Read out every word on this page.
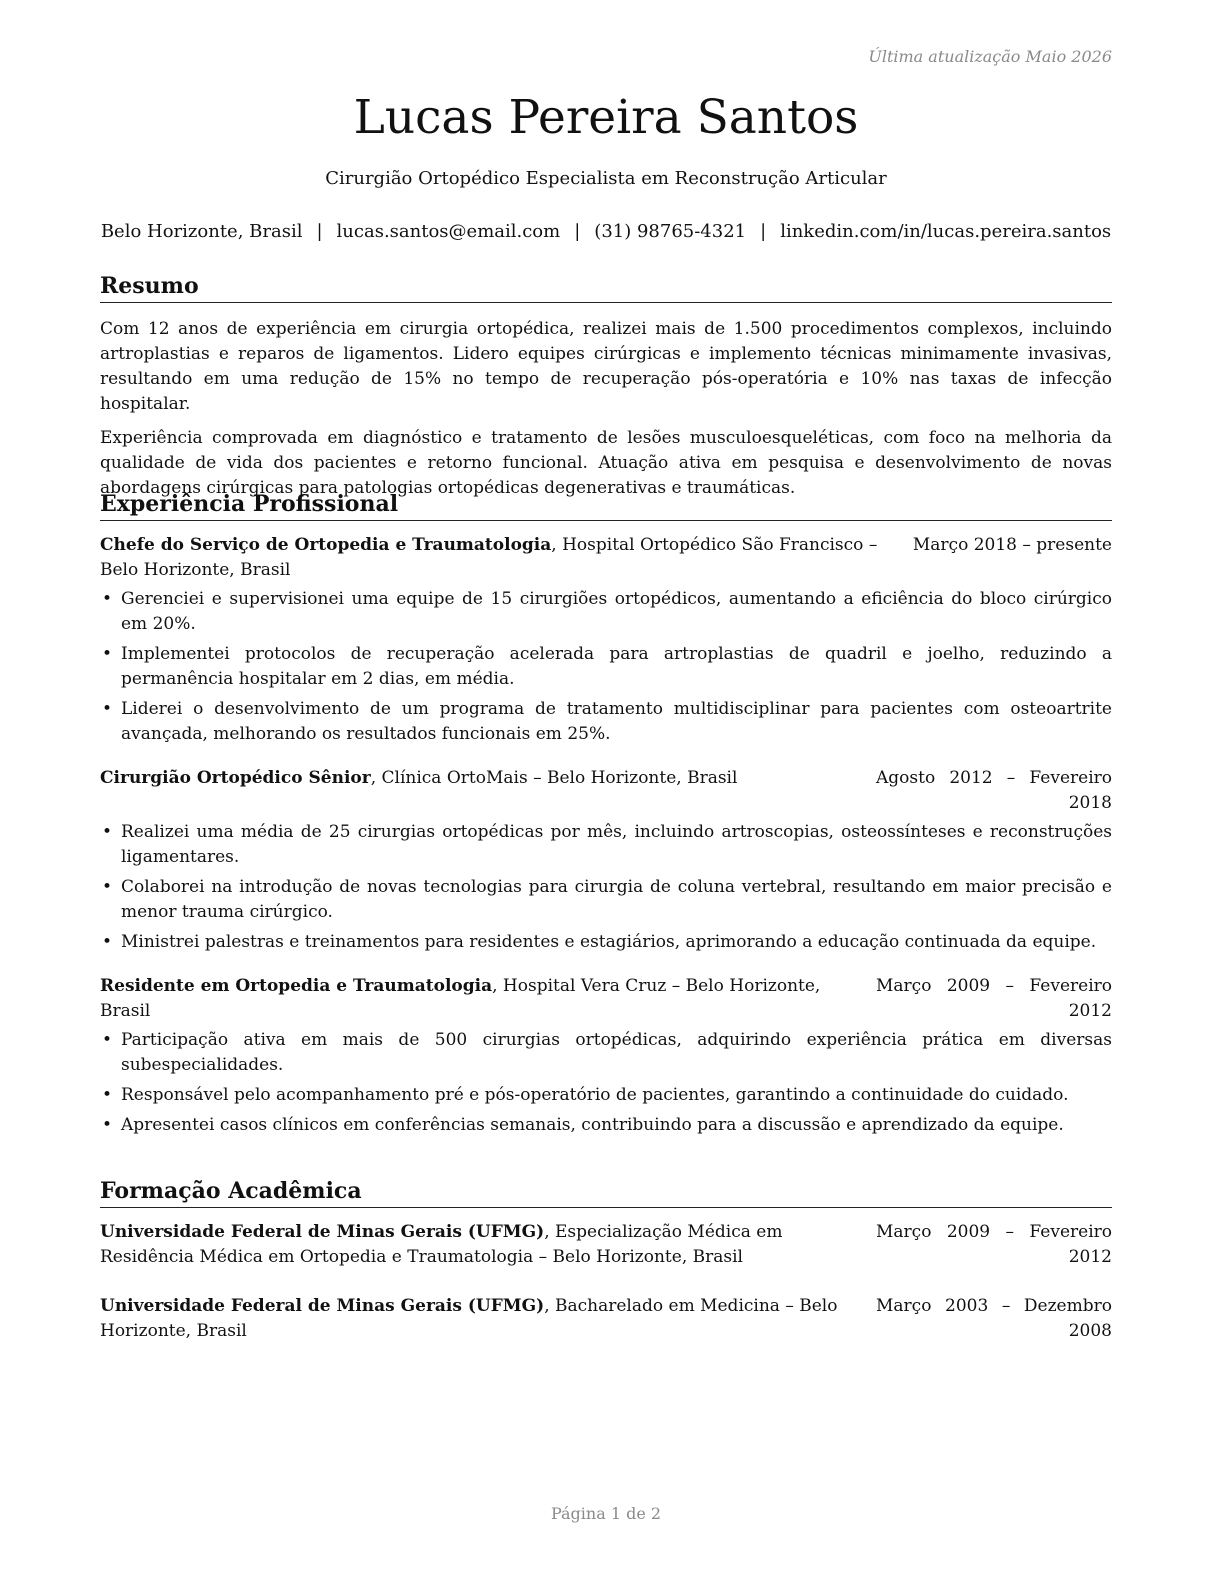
Última atualização Maio 2026
Lucas Pereira Santos
Cirurgião Ortopédico Especialista em Reconstrução Articular
Belo Horizonte, Brasil | lucas.santos@email.com | (31) 98765-4321 | linkedin.com/in/lucas.pereira.santos
Resumo

Com 12 anos de experiência em cirurgia ortopédica, realizei mais de 1.500 procedimentos complexos, incluindo artroplastias e reparos de ligamentos. Lidero equipes cirúrgicas e implemento técnicas minimamente invasivas, resultando em uma redução de 15% no tempo de recuperação pós-operatória e 10% nas taxas de infecção hospitalar.

Experiência comprovada em diagnóstico e tratamento de lesões musculoesqueléticas, com foco na melhoria da qualidade de vida dos pacientes e retorno funcional. Atuação ativa em pesquisa e desenvolvimento de novas abordagens cirúrgicas para patologias ortopédicas degenerativas e traumáticas.

Experiência Profissional
Chefe do Serviço de Ortopedia e Traumatologia, Hospital Ortopédico São Francisco – Belo Horizonte, Brasil
Março 2018 – presente
• Gerenciei e supervisionei uma equipe de 15 cirurgiões ortopédicos, aumentando a eficiência do bloco cirúrgico em 20%.
• Implementei protocolos de recuperação acelerada para artroplastias de quadril e joelho, reduzindo a permanência hospitalar em 2 dias, em média.
• Liderei o desenvolvimento de um programa de tratamento multidisciplinar para pacientes com osteoartrite avançada, melhorando os resultados funcionais em 25%.
Cirurgião Ortopédico Sênior, Clínica OrtoMais – Belo Horizonte, Brasil	Agosto 2012 – Fevereiro
2018
• Realizei uma média de 25 cirurgias ortopédicas por mês, incluindo artroscopias, osteossínteses e reconstruções ligamentares.
• Colaborei na introdução de novas tecnologias para cirurgia de coluna vertebral, resultando em maior precisão e menor trauma cirúrgico.
• Ministrei palestras e treinamentos para residentes e estagiários, aprimorando a educação continuada da equipe.
Residente em Ortopedia e Traumatologia, Hospital Vera Cruz – Belo Horizonte, Brasil
Março 2009 – Fevereiro
2012
• Participação ativa em mais de 500 cirurgias ortopédicas, adquirindo experiência prática em diversas subespecialidades.
• Responsável pelo acompanhamento pré e pós-operatório de pacientes, garantindo a continuidade do cuidado.
• Apresentei casos clínicos em conferências semanais, contribuindo para a discussão e aprendizado da equipe.
Formação Acadêmica
Universidade Federal de Minas Gerais (UFMG), Especialização Médica em Residência Médica em Ortopedia e Traumatologia – Belo Horizonte, Brasil
Março 2009 – Fevereiro
2012
Universidade Federal de Minas Gerais (UFMG), Bacharelado em Medicina – Belo Horizonte, Brasil
Março 2003 – Dezembro
2008
Página 1 de 2
